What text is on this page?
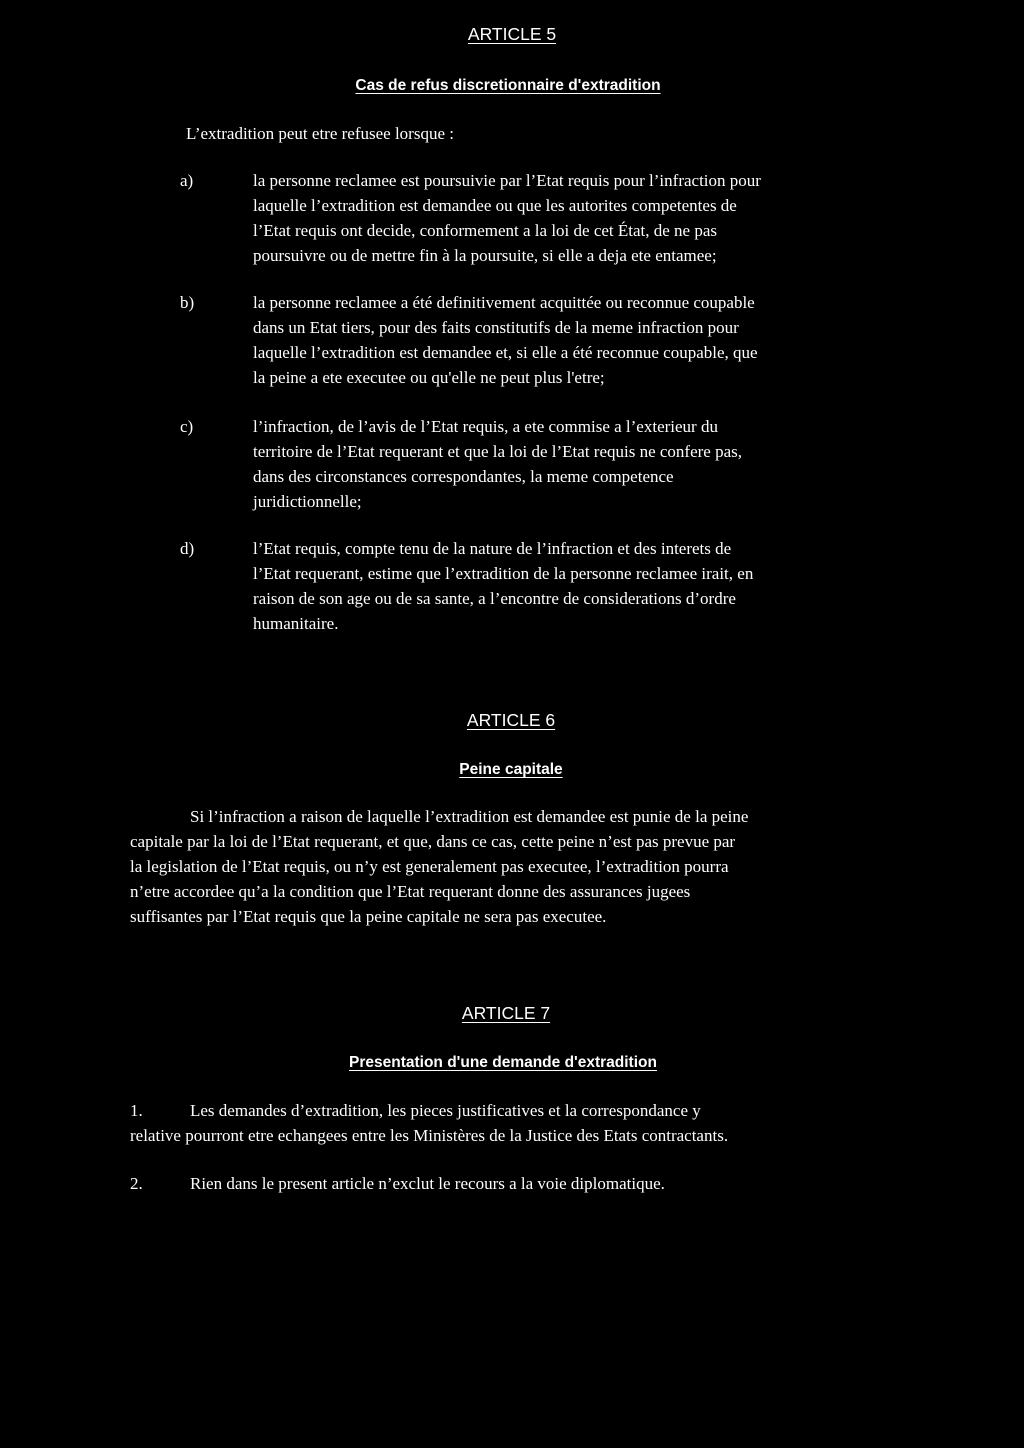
ARTICLE 5
Cas de refus discretionnaire d'extradition
L’extradition peut etre refusee lorsque :
a)	la personne reclamee est poursuivie par l’Etat requis pour l’infraction pour
laquelle l’extradition est demandee ou que les autorites competentes de
l’Etat requis ont decide, conformement a la loi de cet État, de ne pas
poursuivre ou de mettre fin à la poursuite, si elle a deja ete entamee;
b)	la personne reclamee a été definitivement acquittée ou reconnue coupable
dans un Etat tiers, pour des faits constitutifs de la meme infraction pour
laquelle l’extradition est demandee et, si elle a été reconnue coupable, que
la peine a ete executee ou qu'elle ne peut plus l'etre;
c)	l’infraction, de l’avis de l’Etat requis, a ete commise a l’exterieur du
territoire de l’Etat requerant et que la loi de l’Etat requis ne confere pas,
dans des circonstances correspondantes, la meme competence
juridictionnelle;
d)	l’Etat requis, compte tenu de la nature de l’infraction et des interets de
l’Etat requerant, estime que l’extradition de la personne reclamee irait, en
raison de son age ou de sa sante, a l’encontre de considerations d’ordre
humanitaire.
ARTICLE 6
Peine capitale
Si l’infraction a raison de laquelle l’extradition est demandee est punie de la peine
capitale par la loi de l’Etat requerant, et que, dans ce cas, cette peine n’est pas prevue par
la legislation de l’Etat requis, ou n’y est generalement pas executee, l’extradition pourra
n’etre accordee qu’a la condition que l’Etat requerant donne des assurances jugees
suffisantes par l’Etat requis que la peine capitale ne sera pas executee.
ARTICLE 7
Presentation d'une demande d'extradition
1.	Les demandes d’extradition, les pieces justificatives et la correspondance y
relative pourront etre echangees entre les Ministères de la Justice des Etats contractants.
2.	Rien dans le present article n’exclut le recours a la voie diplomatique.
